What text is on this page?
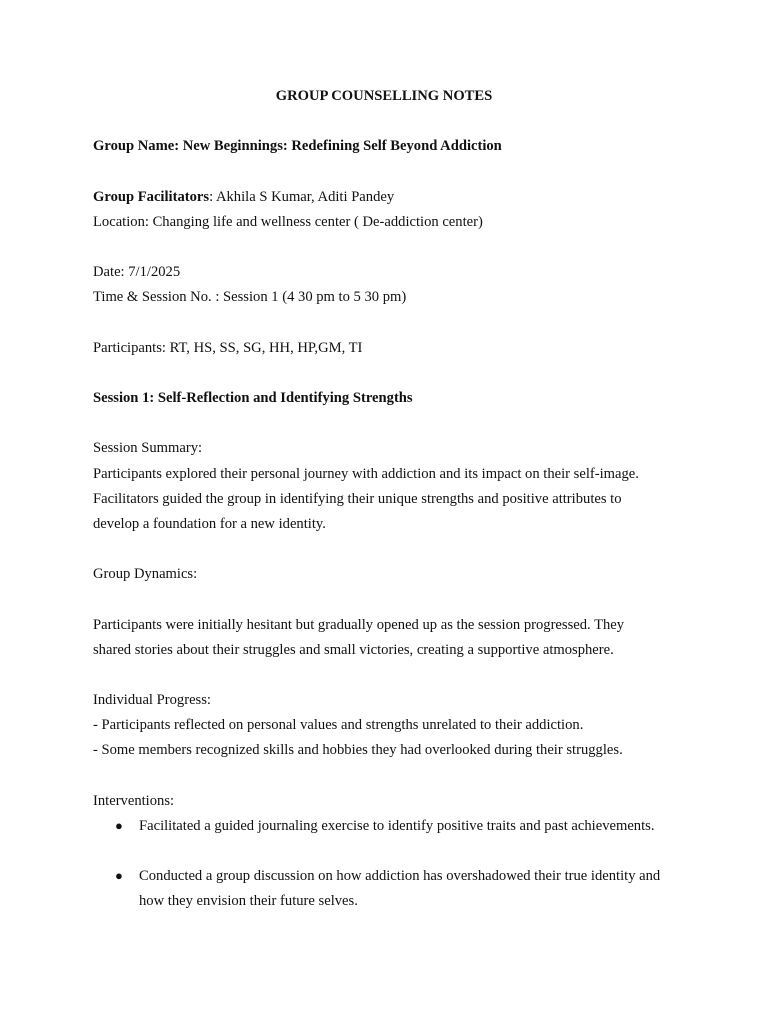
GROUP COUNSELLING NOTES
Group Name: New Beginnings: Redefining Self Beyond Addiction
Group Facilitators: Akhila S Kumar, Aditi Pandey
Location: Changing life and wellness center ( De-addiction center)
Date: 7/1/2025
Time & Session No. : Session 1 (4 30 pm to 5 30 pm)
Participants: RT, HS, SS, SG, HH, HP,GM, TI
Session 1: Self-Reflection and Identifying Strengths
Session Summary:
Participants explored their personal journey with addiction and its impact on their self-image.
Facilitators guided the group in identifying their unique strengths and positive attributes to
develop a foundation for a new identity.
Group Dynamics:
Participants were initially hesitant but gradually opened up as the session progressed. They
shared stories about their struggles and small victories, creating a supportive atmosphere.
Individual Progress:
- Participants reflected on personal values and strengths unrelated to their addiction.
- Some members recognized skills and hobbies they had overlooked during their struggles.
Interventions:
● Facilitated a guided journaling exercise to identify positive traits and past achievements.
● Conducted a group discussion on how addiction has overshadowed their true identity and how they envision their future selves.
